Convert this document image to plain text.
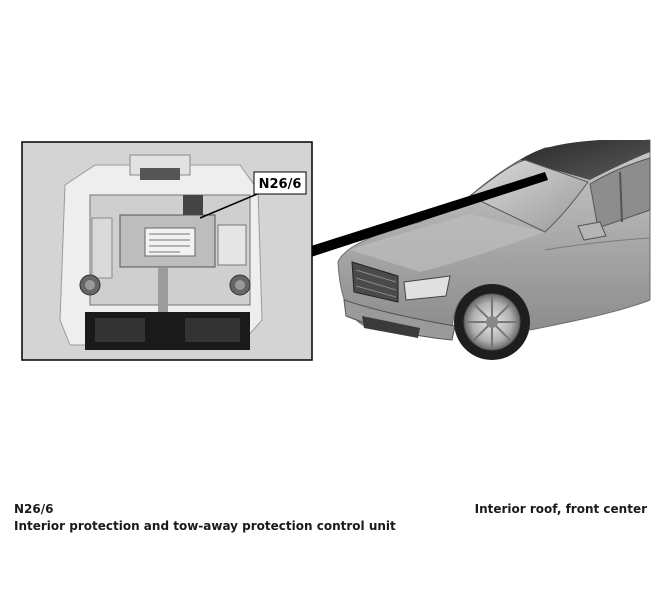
N26/6
N26/6	Interior roof, front center
Interior protection and tow-away protection control unit
